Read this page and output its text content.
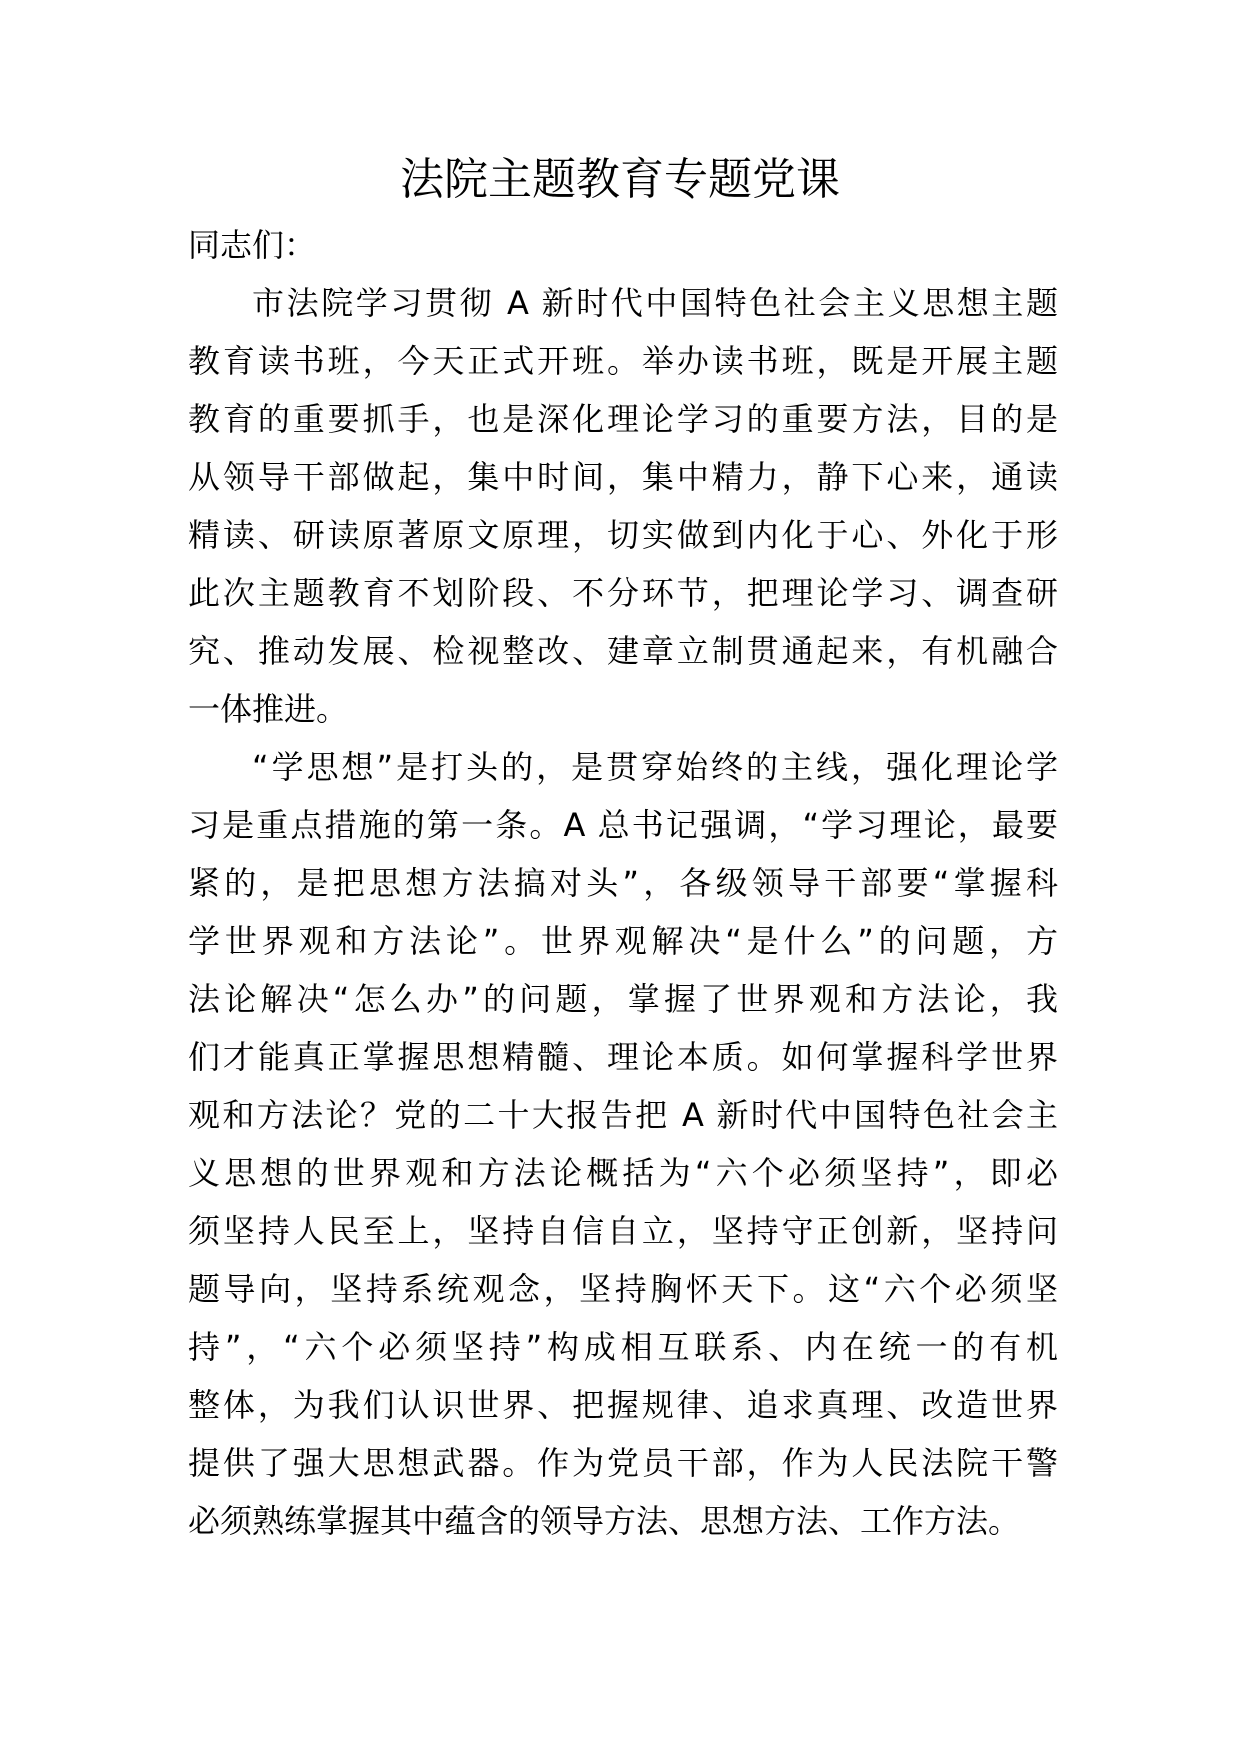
法院主题教育专题党课

同志们：

市法院学习贯彻 A 新时代中国特色社会主义思想主题
教育读书班，今天正式开班。举办读书班，既是开展主题
教育的重要抓手，也是深化理论学习的重要方法，目的是
从领导干部做起，集中时间，集中精力，静下心来，通读
精读、研读原著原文原理，切实做到内化于心、外化于形
此次主题教育不划阶段、不分环节，把理论学习、调查研
究、推动发展、检视整改、建章立制贯通起来，有机融合
一体推进。

“学思想”是打头的，是贯穿始终的主线，强化理论学
习是重点措施的第一条。A 总书记强调，“学习理论，最要
紧的，是把思想方法搞对头”，各级领导干部要“掌握科
学世界观和方法论”。世界观解决“是什么”的问题，方
法论解决“怎么办”的问题，掌握了世界观和方法论，我
们才能真正掌握思想精髓、理论本质。如何掌握科学世界
观和方法论？党的二十大报告把 A 新时代中国特色社会主
义思想的世界观和方法论概括为“六个必须坚持”，即必
须坚持人民至上，坚持自信自立，坚持守正创新，坚持问
题导向，坚持系统观念，坚持胸怀天下。这“六个必须坚
持”，“六个必须坚持”构成相互联系、内在统一的有机
整体，为我们认识世界、把握规律、追求真理、改造世界
提供了强大思想武器。作为党员干部，作为人民法院干警
必须熟练掌握其中蕴含的领导方法、思想方法、工作方法。
